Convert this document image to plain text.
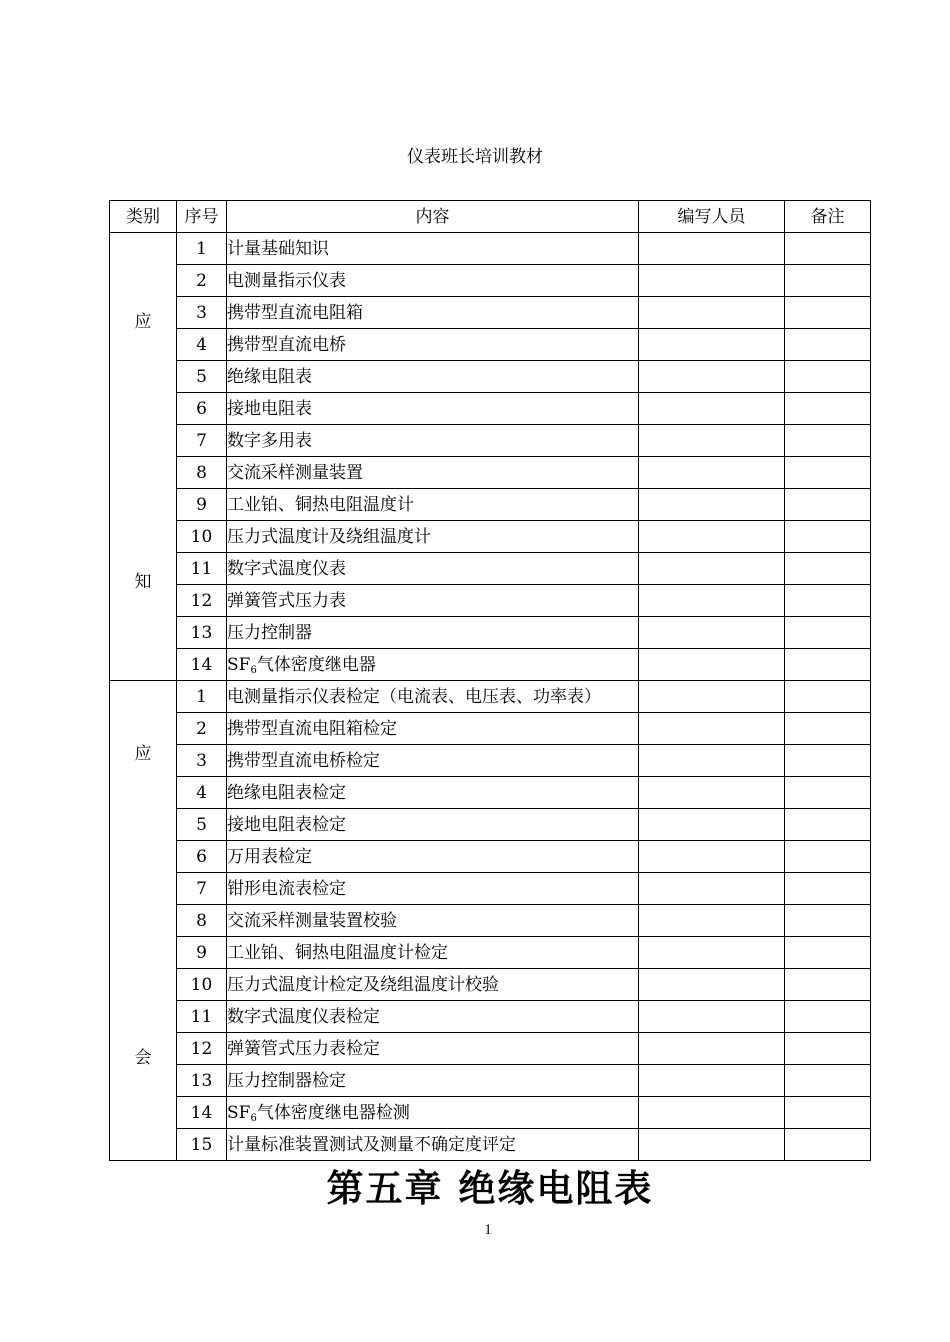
仪表班长培训教材
类别	序号	内容	编写人员	备注

应
知	1	计量基础知识		
	2	电测量指示仪表		
	3	携带型直流电阻箱		
	4	携带型直流电桥		
	5	绝缘电阻表		
	6	接地电阻表		
	7	数字多用表		
	8	交流采样测量装置		
	9	工业铂、铜热电阻温度计		
	10	压力式温度计及绕组温度计		
	11	数字式温度仪表		
	12	弹簧管式压力表		
	13	压力控制器		
	14	$SF_6$气体密度继电器		

应
会	1	电测量指示仪表检定（电流表、电压表、功率表）		
	2	携带型直流电阻箱检定		
	3	携带型直流电桥检定		
	4	绝缘电阻表检定		
	5	接地电阻表检定		
	6	万用表检定		
	7	钳形电流表检定		
	8	交流采样测量装置校验		
	9	工业铂、铜热电阻温度计检定		
	10	压力式温度计检定及绕组温度计校验		
	11	数字式温度仪表检定		
	12	弹簧管式压力表检定		
	13	压力控制器检定		
	14	$SF_6$气体密度继电器检测		
	15	计量标准装置测试及测量不确定度评定		
第五章 绝缘电阻表
1
